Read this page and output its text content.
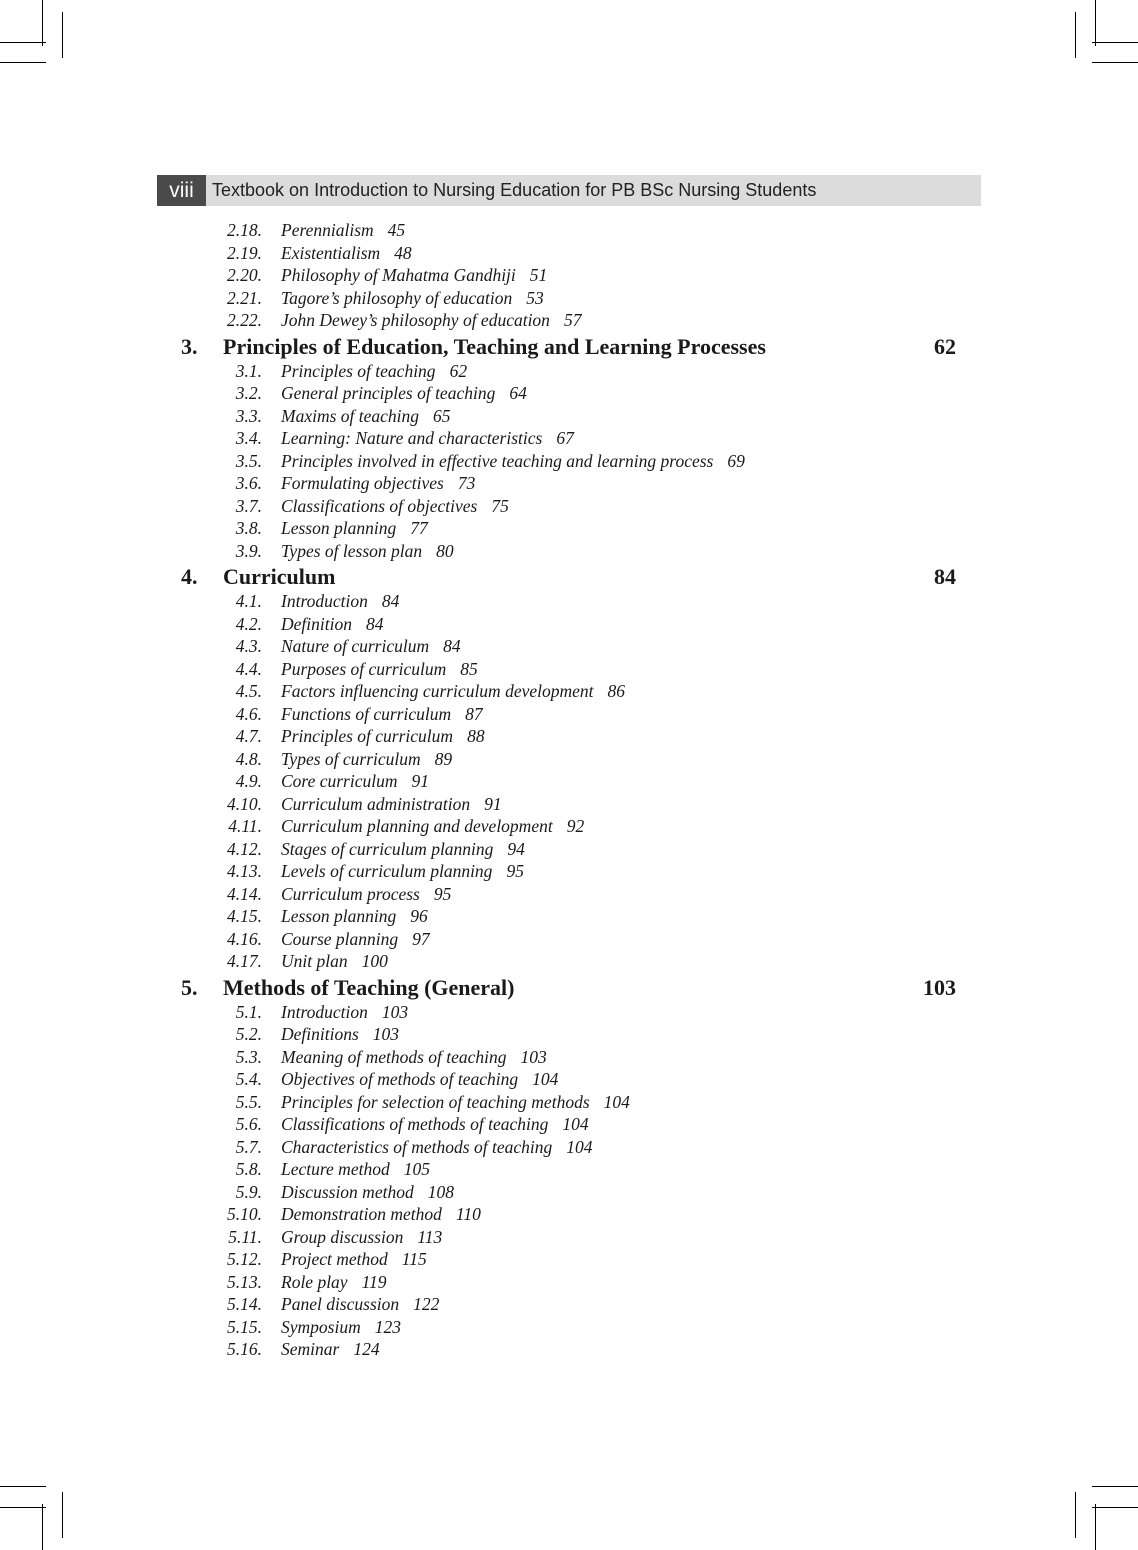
viii	Textbook on Introduction to Nursing Education for PB BSc Nursing Students
2.18. Perennialism 45
2.19. Existentialism 48
2.20. Philosophy of Mahatma Gandhiji 51
2.21. Tagore’s philosophy of education 53
2.22. John Dewey’s philosophy of education 57
3. Principles of Education, Teaching and Learning Processes	62
3.1. Principles of teaching 62
3.2. General principles of teaching 64
3.3. Maxims of teaching 65
3.4. Learning: Nature and characteristics 67
3.5. Principles involved in effective teaching and learning process 69
3.6. Formulating objectives 73
3.7. Classifications of objectives 75
3.8. Lesson planning 77
3.9. Types of lesson plan 80
4. Curriculum	84
4.1. Introduction 84
4.2. Definition 84
4.3. Nature of curriculum 84
4.4. Purposes of curriculum 85
4.5. Factors influencing curriculum development 86
4.6. Functions of curriculum 87
4.7. Principles of curriculum 88
4.8. Types of curriculum 89
4.9. Core curriculum 91
4.10. Curriculum administration 91
4.11. Curriculum planning and development 92
4.12. Stages of curriculum planning 94
4.13. Levels of curriculum planning 95
4.14. Curriculum process 95
4.15. Lesson planning 96
4.16. Course planning 97
4.17. Unit plan 100
5. Methods of Teaching (General)	103
5.1. Introduction 103
5.2. Definitions 103
5.3. Meaning of methods of teaching 103
5.4. Objectives of methods of teaching 104
5.5. Principles for selection of teaching methods 104
5.6. Classifications of methods of teaching 104
5.7. Characteristics of methods of teaching 104
5.8. Lecture method 105
5.9. Discussion method 108
5.10. Demonstration method 110
5.11. Group discussion 113
5.12. Project method 115
5.13. Role play 119
5.14. Panel discussion 122
5.15. Symposium 123
5.16. Seminar 124
